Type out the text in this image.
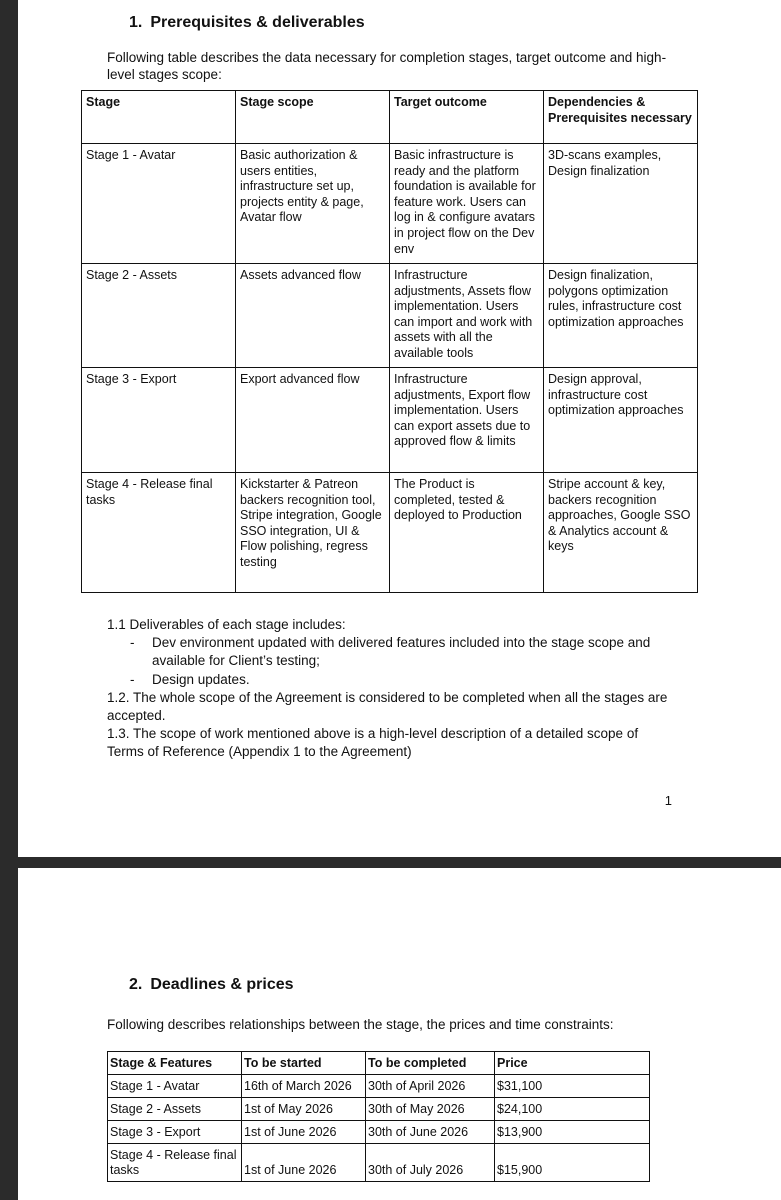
1. Prerequisites & deliverables

Following table describes the data necessary for completion stages, target outcome and high-level stages scope:

Stage	Stage scope	Target outcome	Dependencies & Prerequisites necessary
Stage 1 - Avatar	Basic authorization & users entities, infrastructure set up, projects entity & page, Avatar flow	Basic infrastructure is ready and the platform foundation is available for feature work. Users can log in & configure avatars in project flow on the Dev env	3D-scans examples, Design finalization
Stage 2 - Assets	Assets advanced flow	Infrastructure adjustments, Assets flow implementation. Users can import and work with assets with all the available tools	Design finalization, polygons optimization rules, infrastructure cost optimization approaches
Stage 3 - Export	Export advanced flow	Infrastructure adjustments, Export flow implementation. Users can export assets due to approved flow & limits	Design approval, infrastructure cost optimization approaches
Stage 4 - Release final tasks	Kickstarter & Patreon backers recognition tool, Stripe integration, Google SSO integration, UI & Flow polishing, regress testing	The Product is completed, tested & deployed to Production	Stripe account & key, backers recognition approaches, Google SSO & Analytics account & keys

1.1 Deliverables of each stage includes:

- Dev environment updated with delivered features included into the stage scope and available for Client’s testing;
- Design updates.

1.2. The whole scope of the Agreement is considered to be completed when all the stages are accepted.

1.3. The scope of work mentioned above is a high-level description of a detailed scope of Terms of Reference (Appendix 1 to the Agreement)

1
2. Deadlines & prices

Following describes relationships between the stage, the prices and time constraints:

Stage & Features	To be started	To be completed	Price
Stage 1 - Avatar	16th of March 2026	30th of April 2026	$31,100
Stage 2 - Assets	1st of May 2026	30th of May 2026	$24,100
Stage 3 - Export	1st of June 2026	30th of June 2026	$13,900
Stage 4 - Release final tasks	1st of June 2026	30th of July 2026	$15,900
